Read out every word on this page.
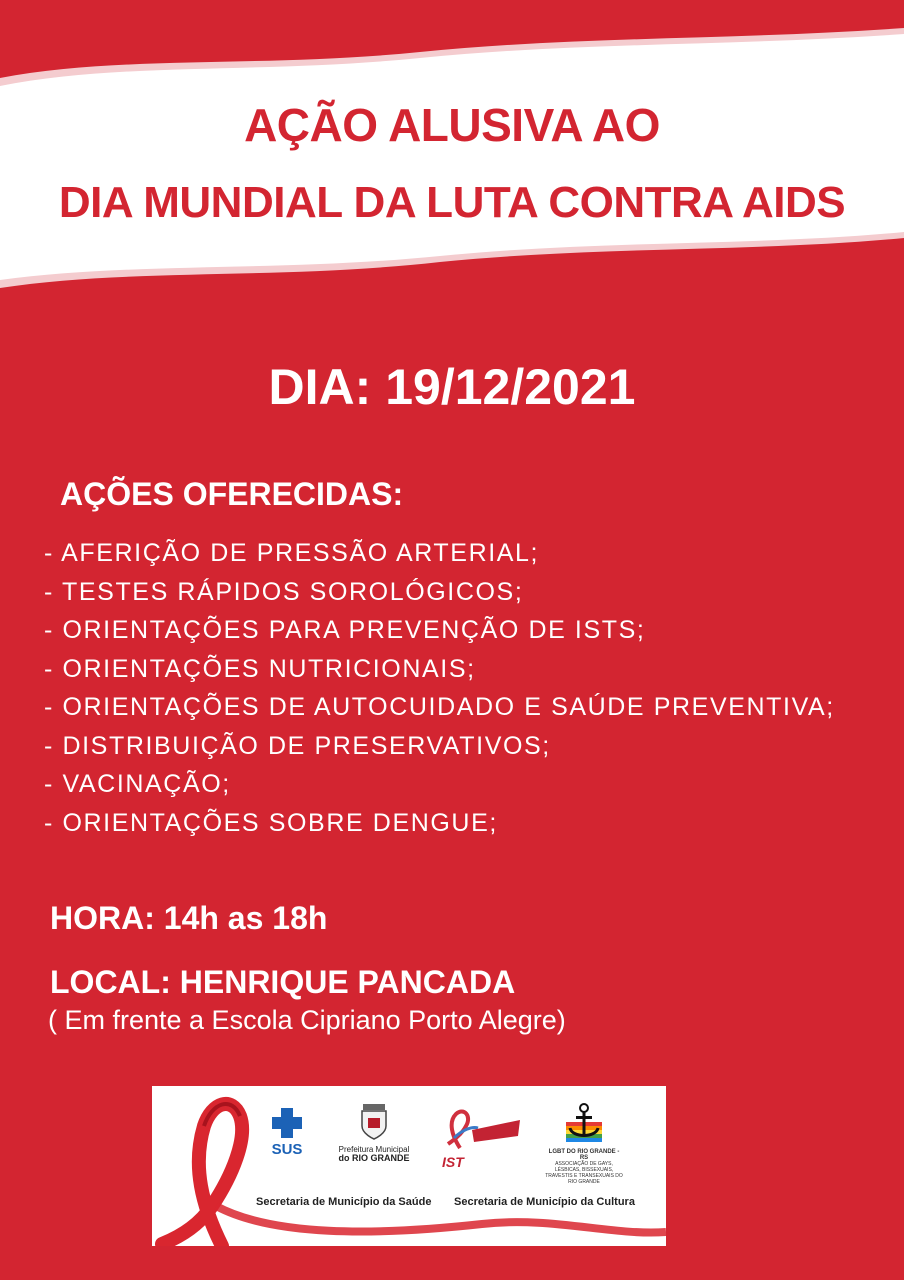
AÇÃO ALUSIVA AO
DIA MUNDIAL DA LUTA CONTRA AIDS
DIA: 19/12/2021
AÇÕES OFERECIDAS:
- AFERIÇÃO DE PRESSÃO ARTERIAL;
- TESTES RÁPIDOS SOROLÓGICOS;
- ORIENTAÇÕES PARA PREVENÇÃO DE ISTS;
- ORIENTAÇÕES NUTRICIONAIS;
- ORIENTAÇÕES DE AUTOCUIDADO E SAÚDE PREVENTIVA;
- DISTRIBUIÇÃO DE PRESERVATIVOS;
- VACINAÇÃO;
- ORIENTAÇÕES SOBRE DENGUE;

HORA: 14h as 18h

LOCAL: HENRIQUE PANCADA

( Em frente a Escola Cipriano Porto Alegre)

SUS	Prefeitura Municipal
do RIO GRANDE	IST
LGBT DO RIO GRANDE - RS
ASSOCIAÇÃO DE GAYS, LÉSBICAS, BISSEXUAIS, TRAVESTIS E TRANSEXUAIS DO RIO GRANDE
Secretaria de Município da Saúde Secretaria de Município da Cultura
